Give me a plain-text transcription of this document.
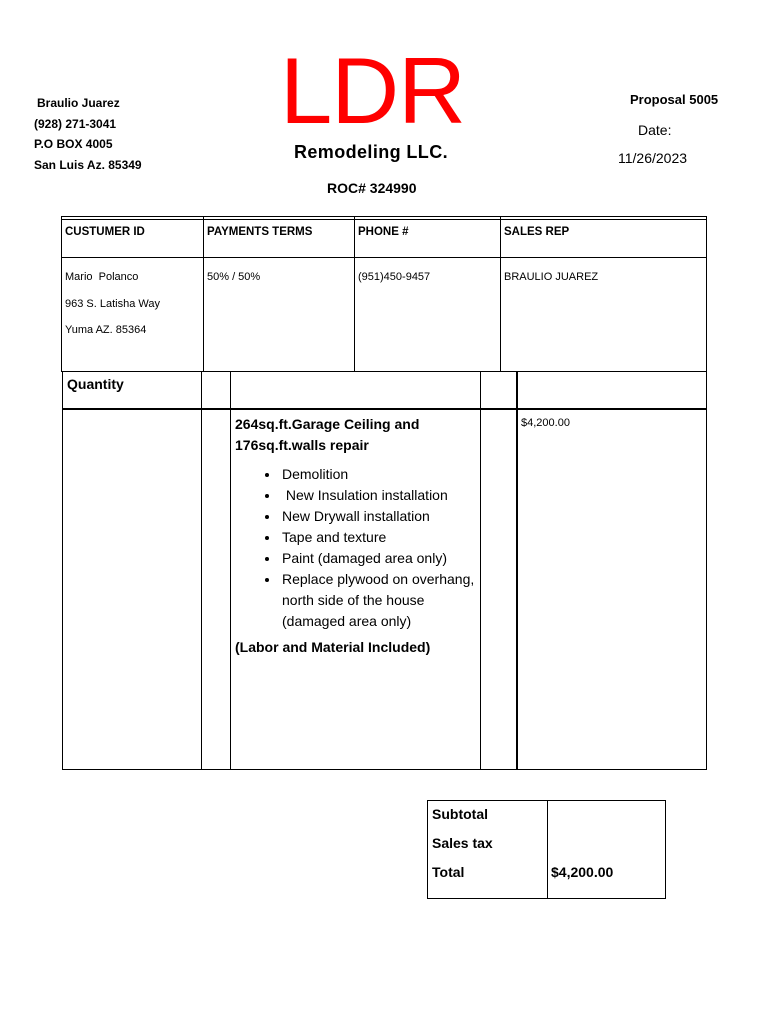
Braulio Juarez
(928) 271-3041
P.O BOX 4005
San Luis Az. 85349
LDR
Remodeling LLC.
ROC# 324990
Proposal 5005
Date:
11/26/2023
CUSTUMER ID	PAYMENTS TERMS	PHONE #	SALES REP
Mario  Polanco
963 S. Latisha Way
Yuma AZ. 85364
50% / 50%	(951)450-9457	BRAULIO JUAREZ
Quantity
264sq.ft.Garage Ceiling and 176sq.ft.walls repair
• Demolition
•  New Insulation installation
• New Drywall installation
• Tape and texture
• Paint (damaged area only)
• Replace plywood on overhang, north side of the house (damaged area only)
(Labor and Material Included)
$4,200.00
Subtotal
Sales tax
Total	$4,200.00
